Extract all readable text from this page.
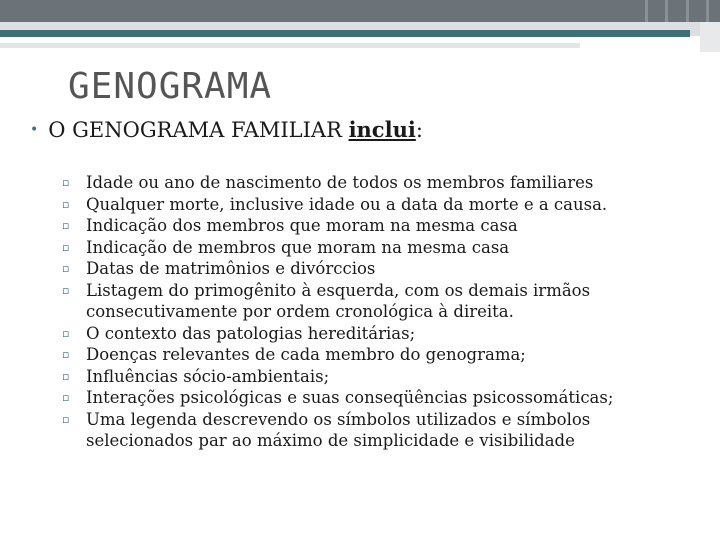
GENOGRAMA
• O GENOGRAMA FAMILIAR inclui:
▫ Idade ou ano de nascimento de todos os membros familiares
▫ Qualquer morte, inclusive idade ou a data da morte e a causa.
▫ Indicação dos membros que moram na mesma casa
▫ Indicação de membros que moram na mesma casa
▫ Datas de matrimônios e divórccios
▫ Listagem do primogênito à esquerda, com os demais irmãos consecutivamente por ordem cronológica à direita.
▫ O contexto das patologias hereditárias;
▫ Doenças relevantes de cada membro do genograma;
▫ Influências sócio-ambientais;
▫ Interações psicológicas e suas conseqüências psicossomáticas;
▫ Uma legenda descrevendo os símbolos utilizados e símbolos selecionados par ao máximo de simplicidade e visibilidade
